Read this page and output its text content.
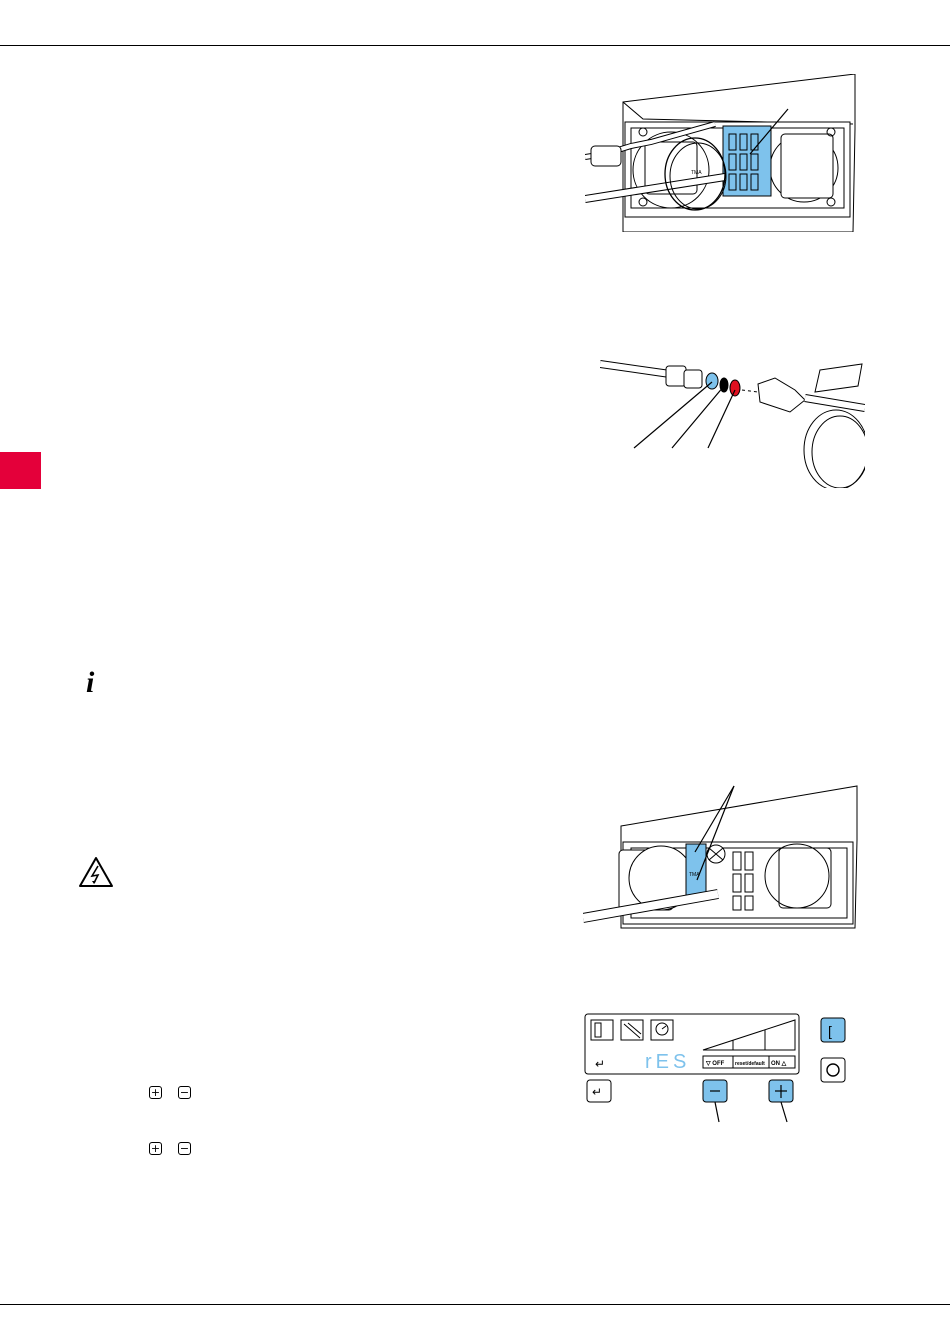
i
+ −
+ −
TMA
TMA
▽ OFF reset/default ON △
rES
↵
↵
[
